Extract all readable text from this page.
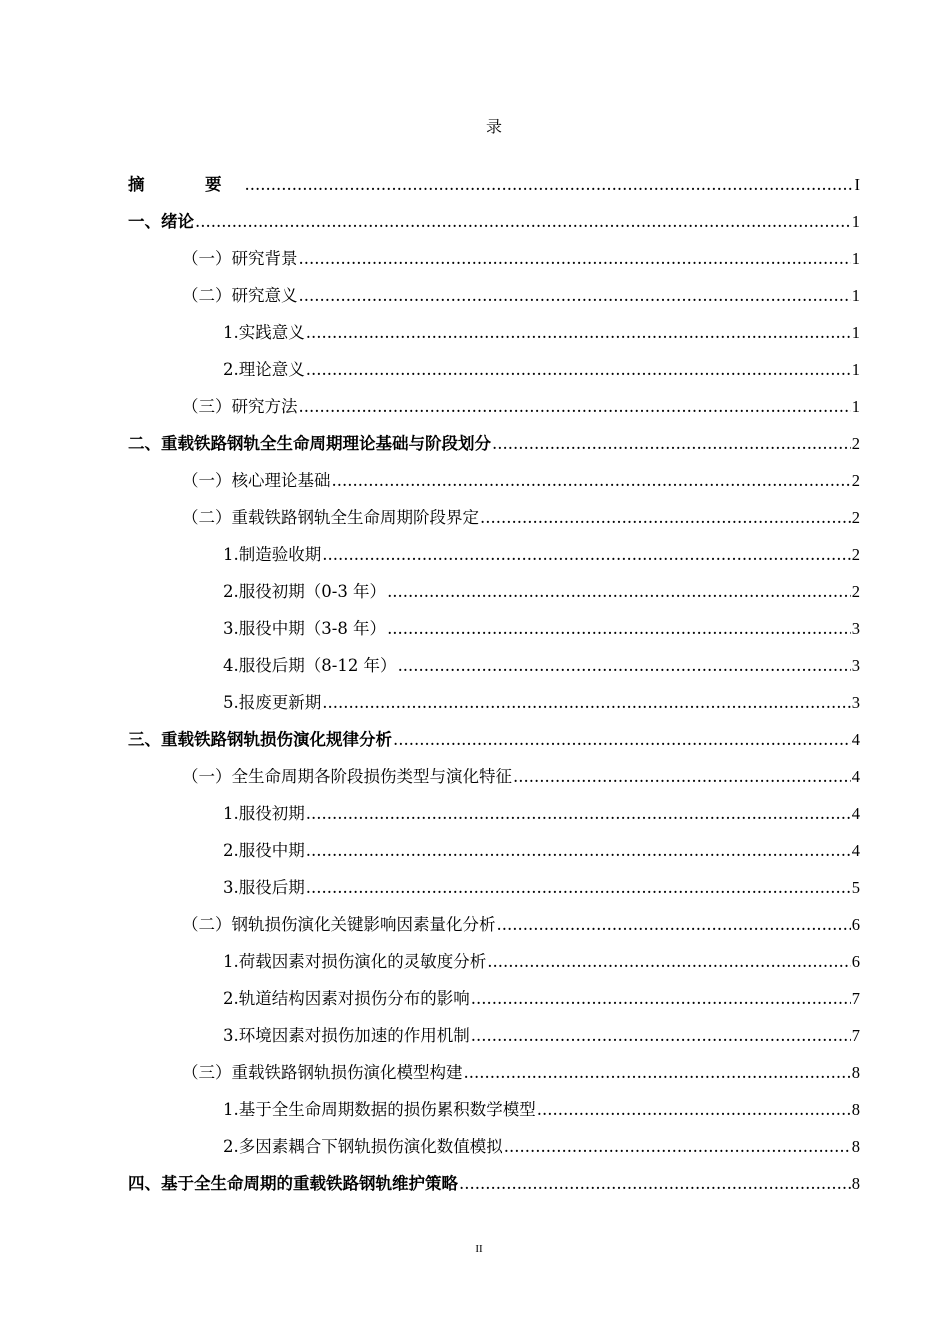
录
摘　要 .....	I
一、绪论 .....	1
（一）研究背景 .....	1
（二）研究意义 .....	1
1.实践意义 .....	1
2.理论意义 .....	1
（三）研究方法 .....	1
二、重载铁路钢轨全生命周期理论基础与阶段划分 .....	2
（一）核心理论基础 .....	2
（二）重载铁路钢轨全生命周期阶段界定 .....	2
1.制造验收期 .....	2
2.服役初期（0-3 年） .....	2
3.服役中期（3-8 年） .....	3
4.服役后期（8-12 年） .....	3
5.报废更新期 .....	3
三、重载铁路钢轨损伤演化规律分析 .....	4
（一）全生命周期各阶段损伤类型与演化特征 .....	4
1.服役初期 .....	4
2.服役中期 .....	4
3.服役后期 .....	5
（二）钢轨损伤演化关键影响因素量化分析 .....	6
1.荷载因素对损伤演化的灵敏度分析 .....	6
2.轨道结构因素对损伤分布的影响 .....	7
3.环境因素对损伤加速的作用机制 .....	7
（三）重载铁路钢轨损伤演化模型构建 .....	8
1.基于全生命周期数据的损伤累积数学模型 .....	8
2.多因素耦合下钢轨损伤演化数值模拟 .....	8
四、基于全生命周期的重载铁路钢轨维护策略 .....	8
II
